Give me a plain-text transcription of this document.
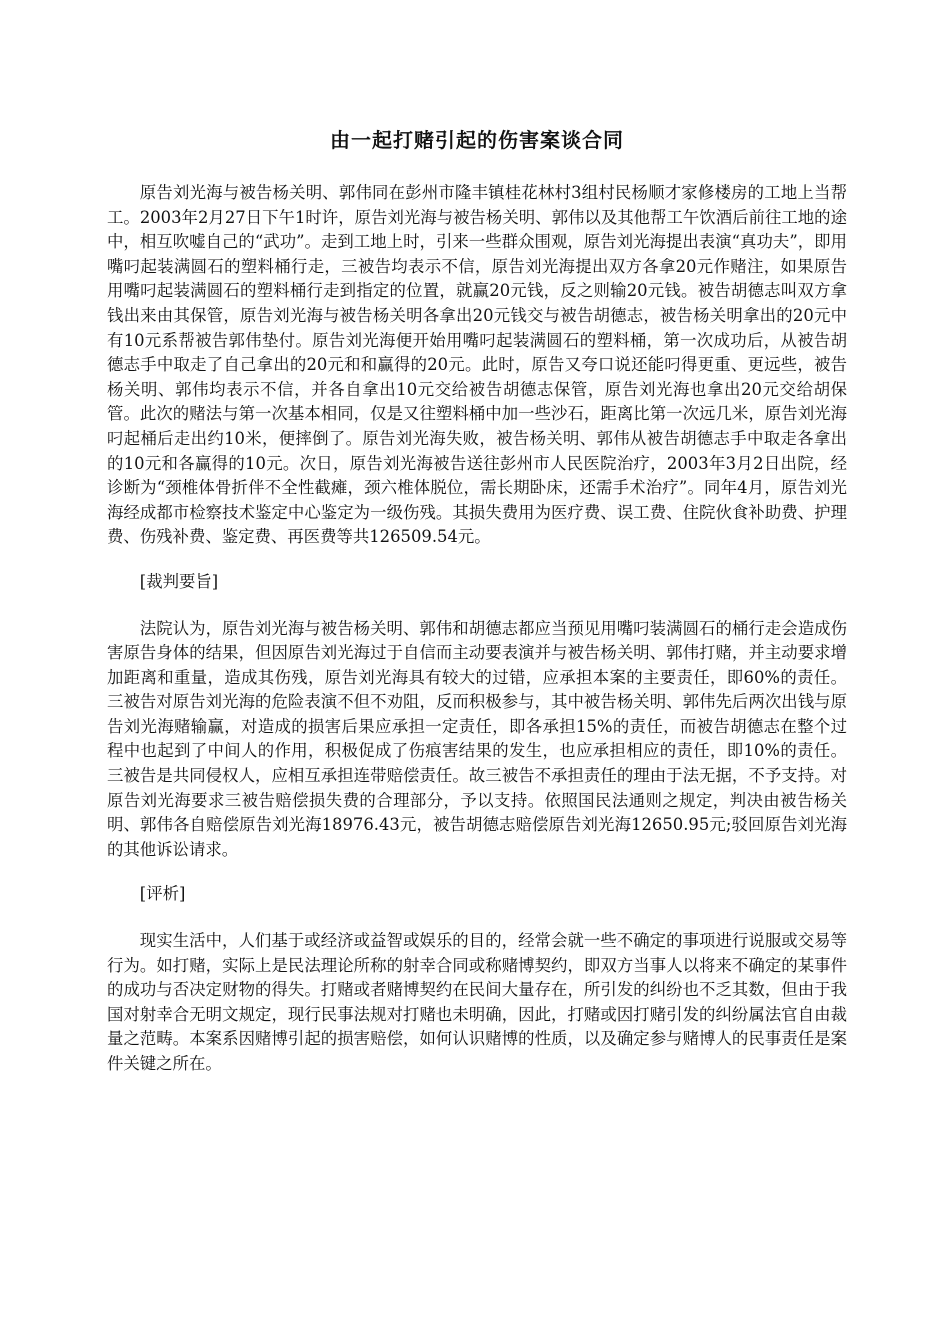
由一起打赌引起的伤害案谈合同

原告刘光海与被告杨关明、郭伟同在彭州市隆丰镇桂花林村3组村民杨顺才家修楼房的工地上当帮工。2003年2月27日下午1时许，原告刘光海与被告杨关明、郭伟以及其他帮工午饮酒后前往工地的途中，相互吹嘘自己的“武功”。走到工地上时，引来一些群众围观，原告刘光海提出表演“真功夫”，即用嘴叼起装满圆石的塑料桶行走，三被告均表示不信，原告刘光海提出双方各拿20元作赌注，如果原告用嘴叼起装满圆石的塑料桶行走到指定的位置，就赢20元钱，反之则输20元钱。被告胡德志叫双方拿钱出来由其保管，原告刘光海与被告杨关明各拿出20元钱交与被告胡德志，被告杨关明拿出的20元中有10元系帮被告郭伟垫付。原告刘光海便开始用嘴叼起装满圆石的塑料桶，第一次成功后，从被告胡德志手中取走了自己拿出的20元和和赢得的20元。此时，原告又夸口说还能叼得更重、更远些，被告杨关明、郭伟均表示不信，并各自拿出10元交给被告胡德志保管，原告刘光海也拿出20元交给胡保管。此次的赌法与第一次基本相同，仅是又往塑料桶中加一些沙石，距离比第一次远几米，原告刘光海叼起桶后走出约10米，便摔倒了。原告刘光海失败，被告杨关明、郭伟从被告胡德志手中取走各拿出的10元和各赢得的10元。次日，原告刘光海被告送往彭州市人民医院治疗，2003年3月2日出院，经诊断为“颈椎体骨折伴不全性截瘫，颈六椎体脱位，需长期卧床，还需手术治疗”。同年4月，原告刘光海经成都市检察技术鉴定中心鉴定为一级伤残。其损失费用为医疗费、误工费、住院伙食补助费、护理费、伤残补费、鉴定费、再医费等共126509.54元。

[裁判要旨]

法院认为，原告刘光海与被告杨关明、郭伟和胡德志都应当预见用嘴叼装满圆石的桶行走会造成伤害原告身体的结果，但因原告刘光海过于自信而主动要表演并与被告杨关明、郭伟打赌，并主动要求增加距离和重量，造成其伤残，原告刘光海具有较大的过错，应承担本案的主要责任，即60%的责任。三被告对原告刘光海的危险表演不但不劝阻，反而积极参与，其中被告杨关明、郭伟先后两次出钱与原告刘光海赌输赢，对造成的损害后果应承担一定责任，即各承担15%的责任，而被告胡德志在整个过程中也起到了中间人的作用，积极促成了伤痕害结果的发生，也应承担相应的责任，即10%的责任。三被告是共同侵权人，应相互承担连带赔偿责任。故三被告不承担责任的理由于法无据，不予支持。对原告刘光海要求三被告赔偿损失费的合理部分，予以支持。依照国民法通则之规定，判决由被告杨关明、郭伟各自赔偿原告刘光海18976.43元，被告胡德志赔偿原告刘光海12650.95元;驳回原告刘光海的其他诉讼请求。

[评析]

现实生活中，人们基于或经济或益智或娱乐的目的，经常会就一些不确定的事项进行说服或交易等行为。如打赌，实际上是民法理论所称的射幸合同或称赌博契约，即双方当事人以将来不确定的某事件的成功与否决定财物的得失。打赌或者赌博契约在民间大量存在，所引发的纠纷也不乏其数，但由于我国对射幸合无明文规定，现行民事法规对打赌也未明确，因此，打赌或因打赌引发的纠纷属法官自由裁量之范畴。本案系因赌博引起的损害赔偿，如何认识赌博的性质，以及确定参与赌博人的民事责任是案件关键之所在。
